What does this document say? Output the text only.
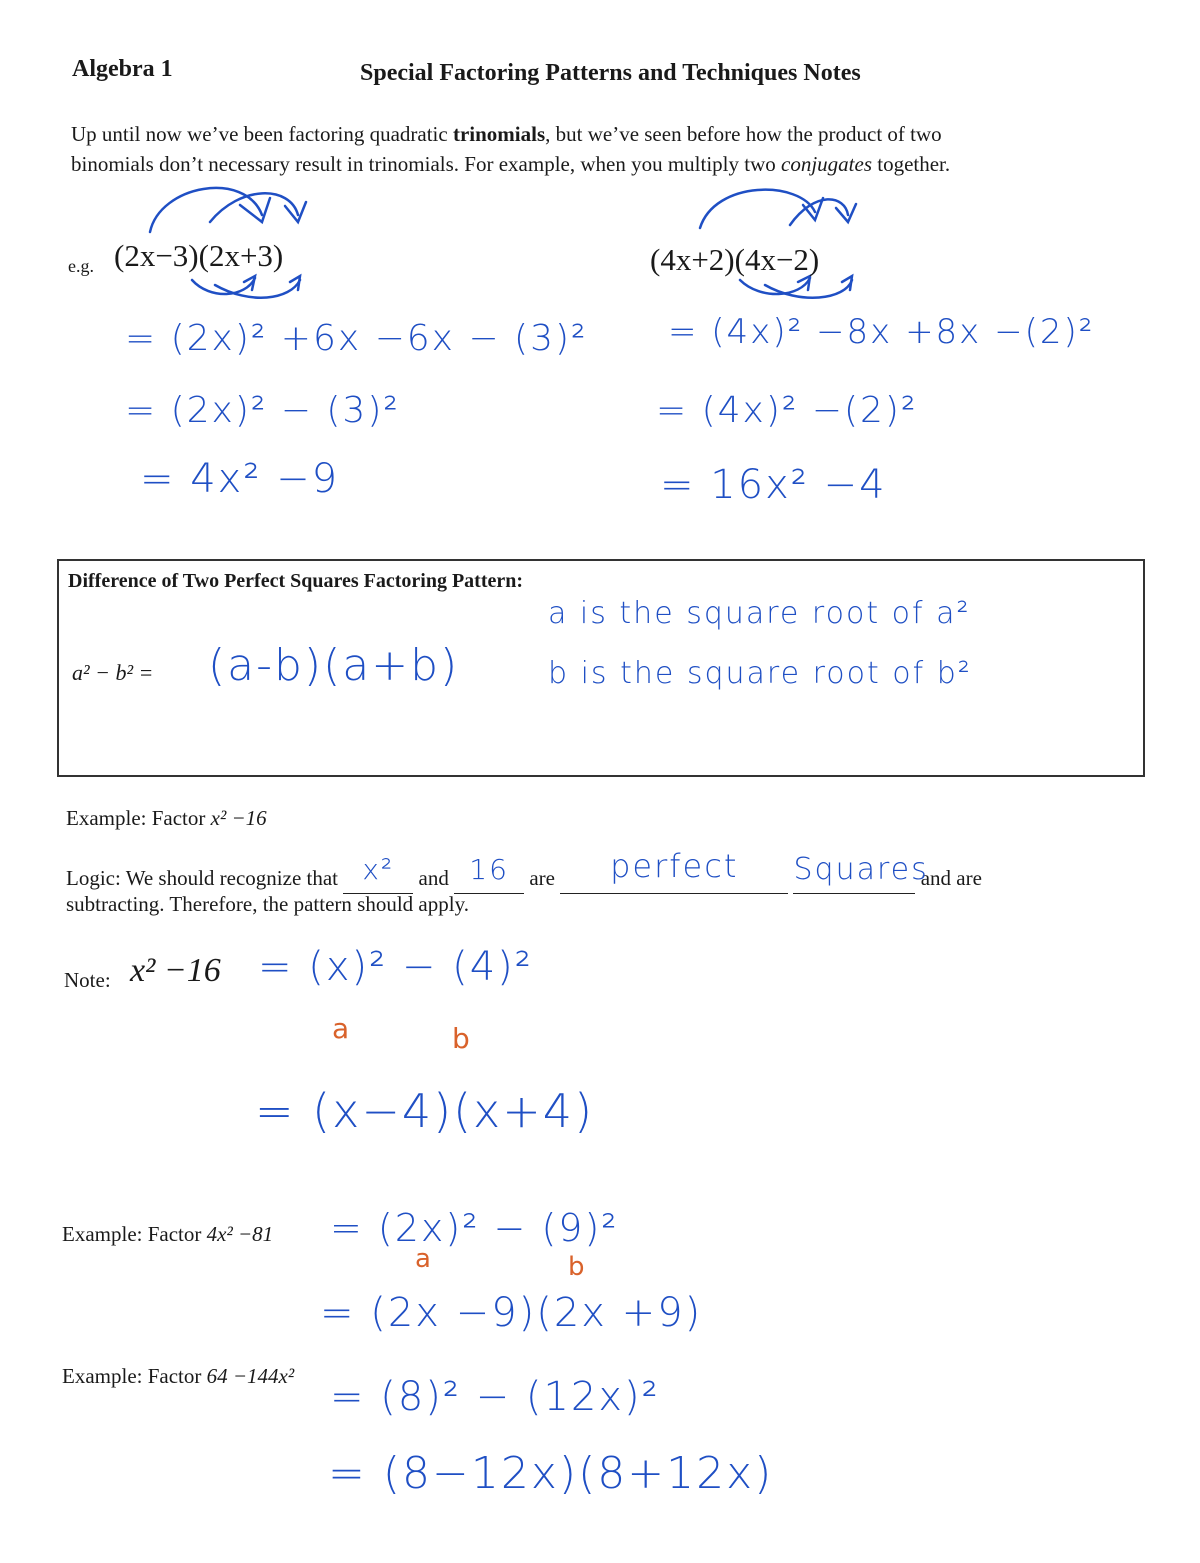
Algebra 1	Special Factoring Patterns and Techniques Notes
Up until now we’ve been factoring quadratic trinomials, but we’ve seen before how the product of two
binomials don’t necessary result in trinomials. For example, when you multiply two conjugates together.
e.g. (2x−3)(2x+3)	(4x+2)(4x−2)
= (2x)² +6x −6x − (3)²
= (2x)² − (3)²
= 4x² −9
= (4x)² −8x +8x −(2)²
= (4x)² −(2)²
= 16x² −4
Difference of Two Perfect Squares Factoring Pattern:
a² − b² = (a-b)(a+b)
a is the square root of a²
b is the square root of b²
Example: Factor x² −16
Logic: We should recognize that x² and 16 are perfect Squares and are
subtracting. Therefore, the pattern should apply.
Note: x² −16 = (x)² − (4)²
a	b
= (x−4)(x+4)
Example: Factor 4x² −81 = (2x)² − (9)²
a	b
= (2x −9)(2x +9)
Example: Factor 64 −144x² = (8)² − (12x)²
= (8−12x)(8+12x)
